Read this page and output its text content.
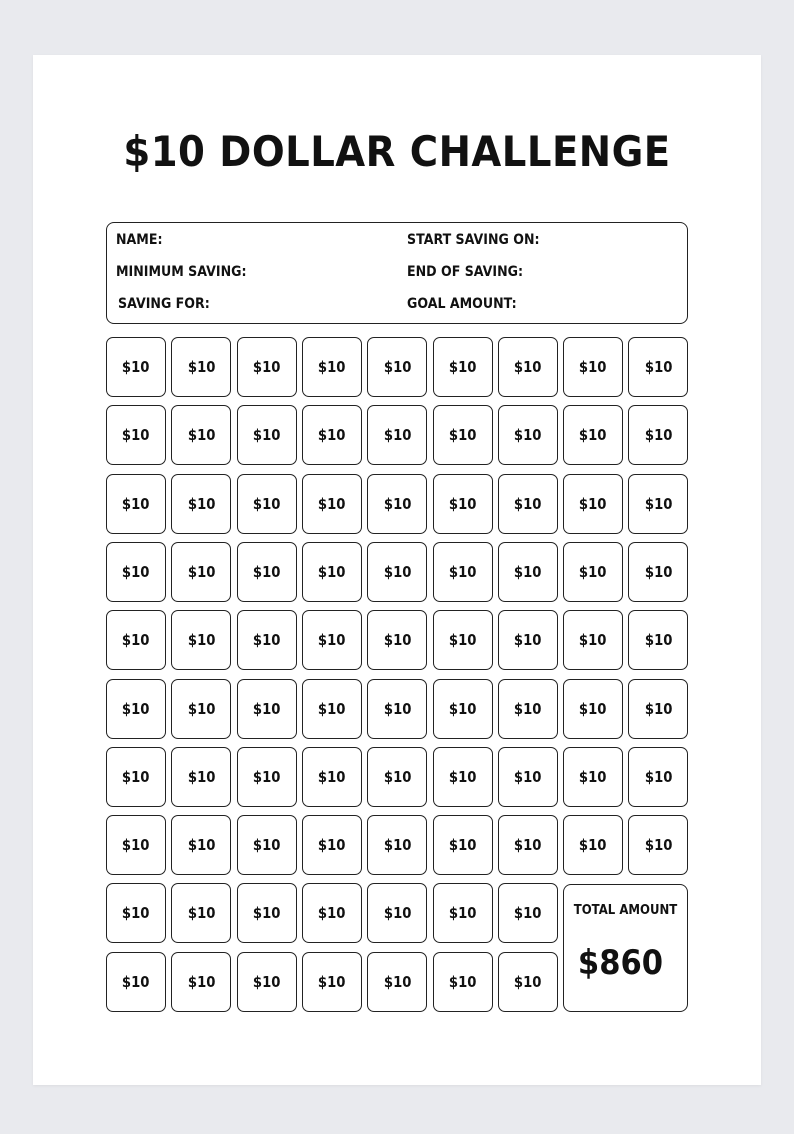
$10 DOLLAR CHALLENGE
NAME:
MINIMUM SAVING:
SAVING FOR:
START SAVING ON:
END OF SAVING:
GOAL AMOUNT:
$10	$10	$10	$10	$10	$10	$10	$10	$10
$10	$10	$10	$10	$10	$10	$10	$10	$10
$10	$10	$10	$10	$10	$10	$10	$10	$10
$10	$10	$10	$10	$10	$10	$10	$10	$10
$10	$10	$10	$10	$10	$10	$10	$10	$10
$10	$10	$10	$10	$10	$10	$10	$10	$10
$10	$10	$10	$10	$10	$10	$10	$10	$10
$10	$10	$10	$10	$10	$10	$10	$10	$10
$10	$10	$10	$10	$10	$10	$10
$10	$10	$10	$10	$10	$10	$10
TOTAL AMOUNT
$860
